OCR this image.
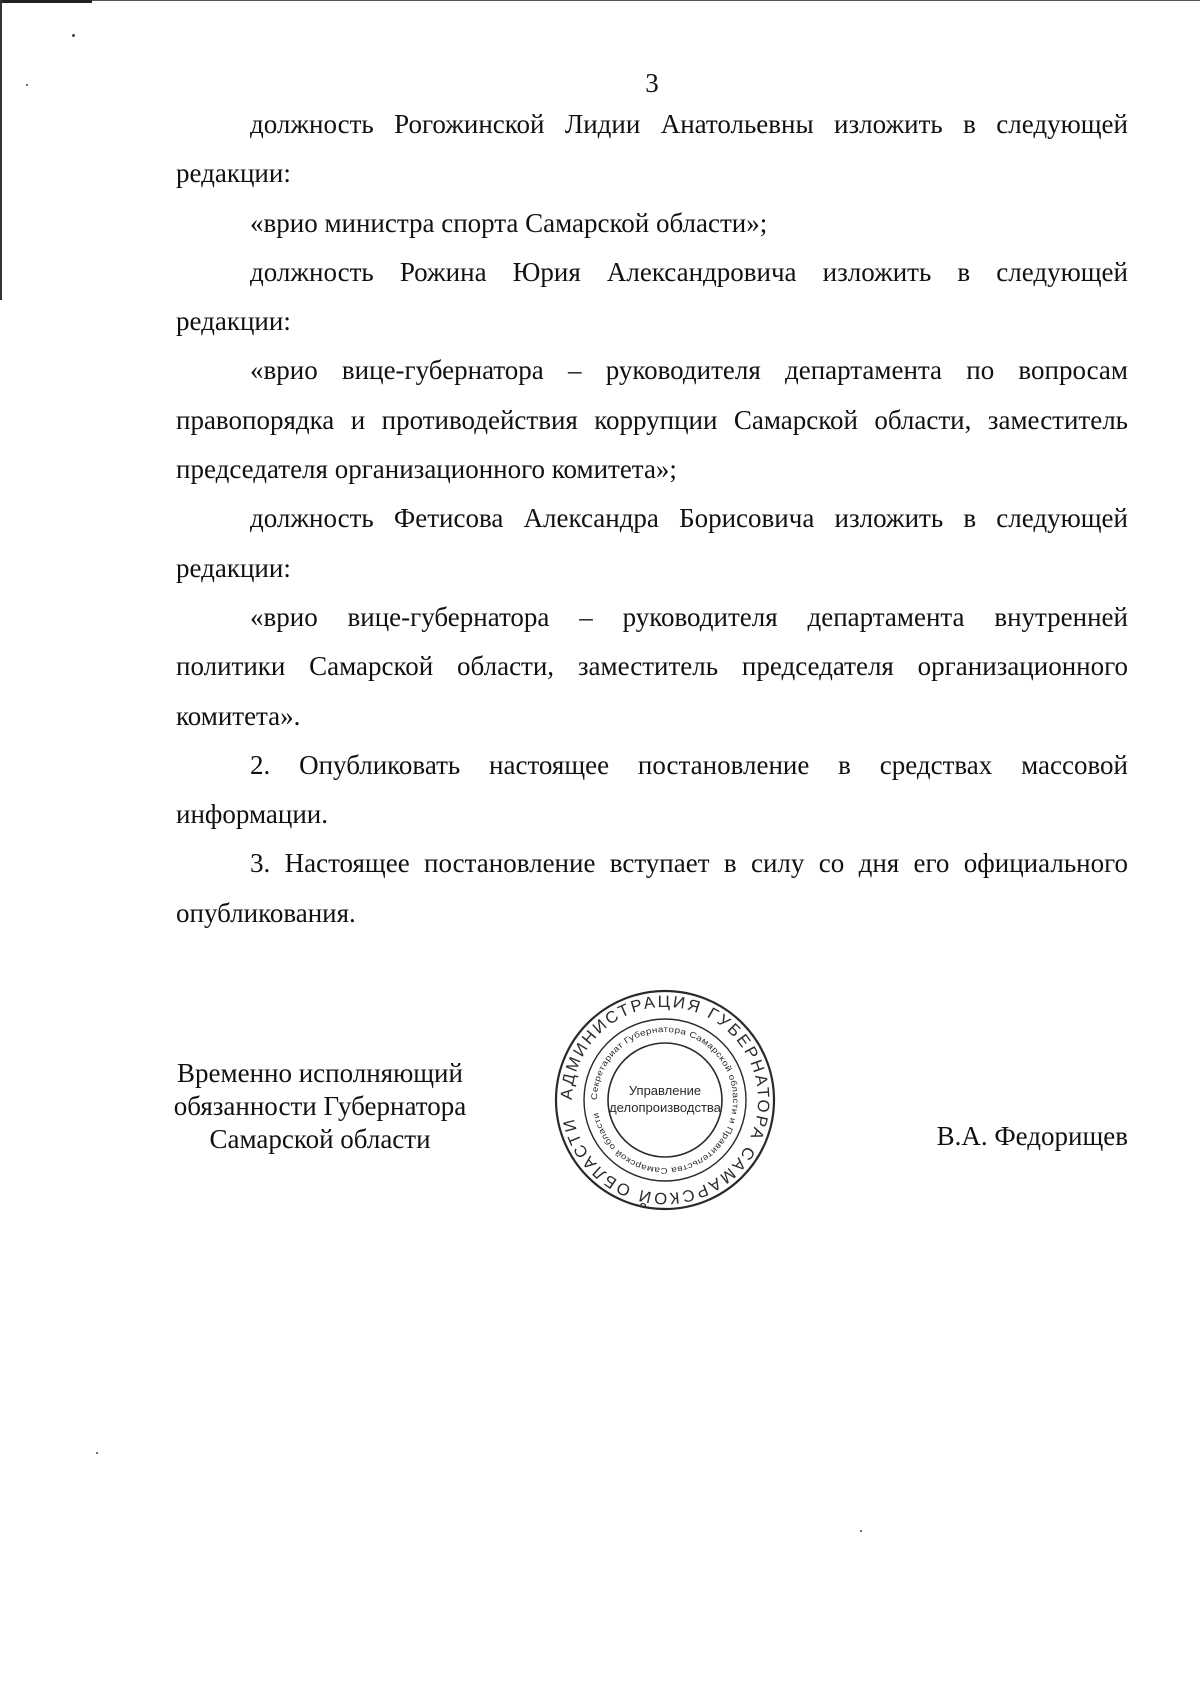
3

должность Рогожинской Лидии Анатольевны изложить в следующей редакции:

«врио министра спорта Самарской области»;

должность Рожина Юрия Александровича изложить в следующей редакции:

«врио вице-губернатора – руководителя департамента по вопросам правопорядка и противодействия коррупции Самарской области, заместитель председателя организационного комитета»;

должность Фетисова Александра Борисовича изложить в следующей редакции:

«врио вице-губернатора – руководителя департамента внутренней политики Самарской области, заместитель председателя организационного комитета».

2. Опубликовать настоящее постановление в средствах массовой информации.

3. Настоящее постановление вступает в силу со дня его официального опубликования.

Временно исполняющий
обязанности Губернатора
Самарской области
АДМИНИСТРАЦИЯ ГУБЕРНАТОРА САМАРСКОЙ ОБЛАСТИ
Секретариат Губернатора Самарской области и Правительства Самарской области
Управление
делопроизводства
В.А. Федорищев
